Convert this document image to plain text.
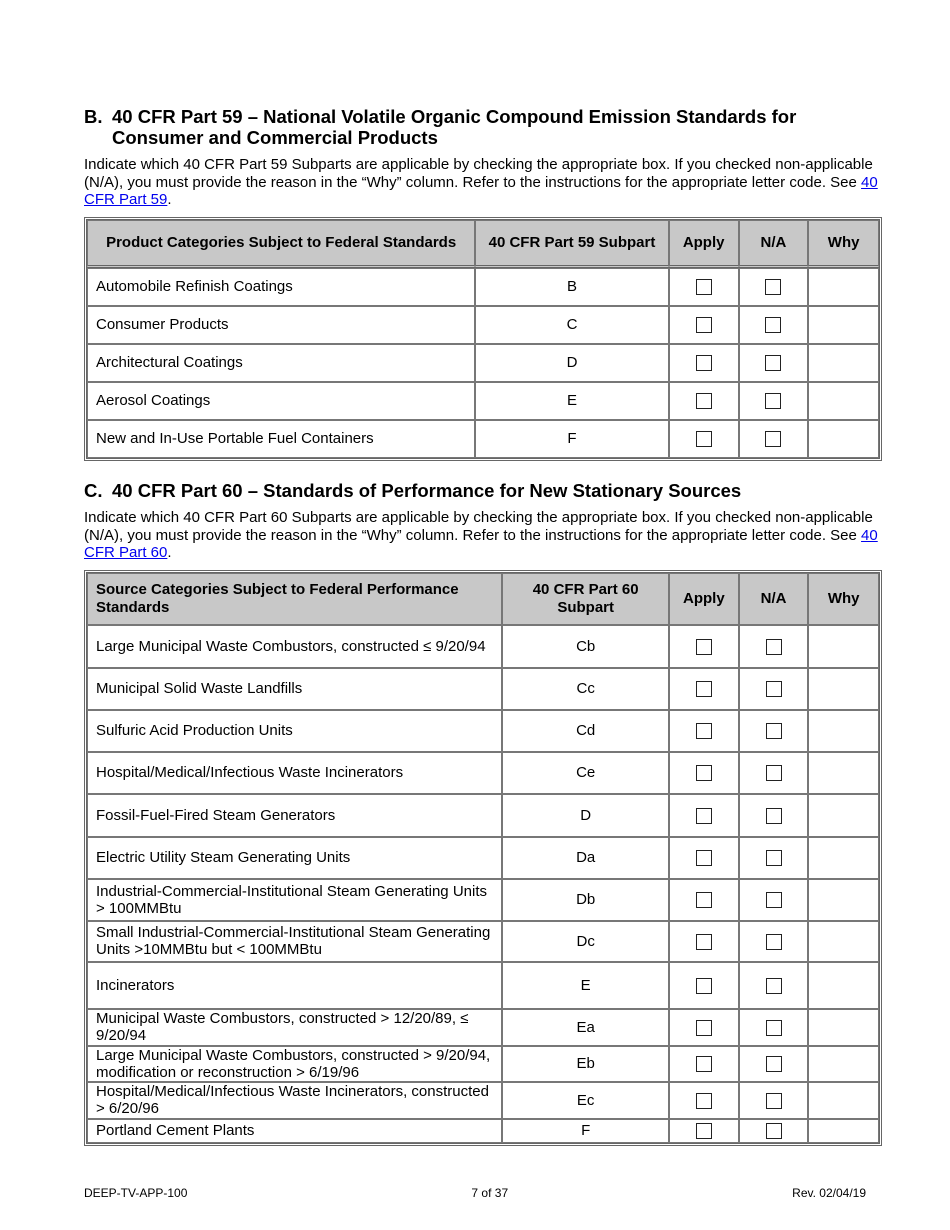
B. 40 CFR Part 59 – National Volatile Organic Compound Emission Standards for Consumer and Commercial Products
Indicate which 40 CFR Part 59 Subparts are applicable by checking the appropriate box. If you checked non-applicable (N/A), you must provide the reason in the “Why” column. Refer to the instructions for the appropriate letter code. See 40 CFR Part 59.
Product Categories Subject to Federal Standards	40 CFR Part 59 Subpart	Apply	N/A	Why
Automobile Refinish Coatings	B			
Consumer Products	C			
Architectural Coatings	D			
Aerosol Coatings	E			
New and In-Use Portable Fuel Containers	F			
C. 40 CFR Part 60 – Standards of Performance for New Stationary Sources
Indicate which 40 CFR Part 60 Subparts are applicable by checking the appropriate box. If you checked non-applicable (N/A), you must provide the reason in the “Why” column. Refer to the instructions for the appropriate letter code. See 40 CFR Part 60.
Source Categories Subject to Federal Performance Standards	40 CFR Part 60 Subpart	Apply	N/A	Why
Large Municipal Waste Combustors, constructed ≤ 9/20/94	Cb			
Municipal Solid Waste Landfills	Cc			
Sulfuric Acid Production Units	Cd			
Hospital/Medical/Infectious Waste Incinerators	Ce			
Fossil-Fuel-Fired Steam Generators	D			
Electric Utility Steam Generating Units	Da			
Industrial-Commercial-Institutional Steam Generating Units > 100MMBtu	Db			
Small Industrial-Commercial-Institutional Steam Generating Units >10MMBtu but < 100MMBtu	Dc			
Incinerators	E			
Municipal Waste Combustors, constructed > 12/20/89, ≤ 9/20/94	Ea			
Large Municipal Waste Combustors, constructed > 9/20/94, modification or reconstruction > 6/19/96	Eb			
Hospital/Medical/Infectious Waste Incinerators, constructed > 6/20/96	Ec			
Portland Cement Plants	F			
DEEP-TV-APP-100	7 of 37	Rev. 02/04/19
